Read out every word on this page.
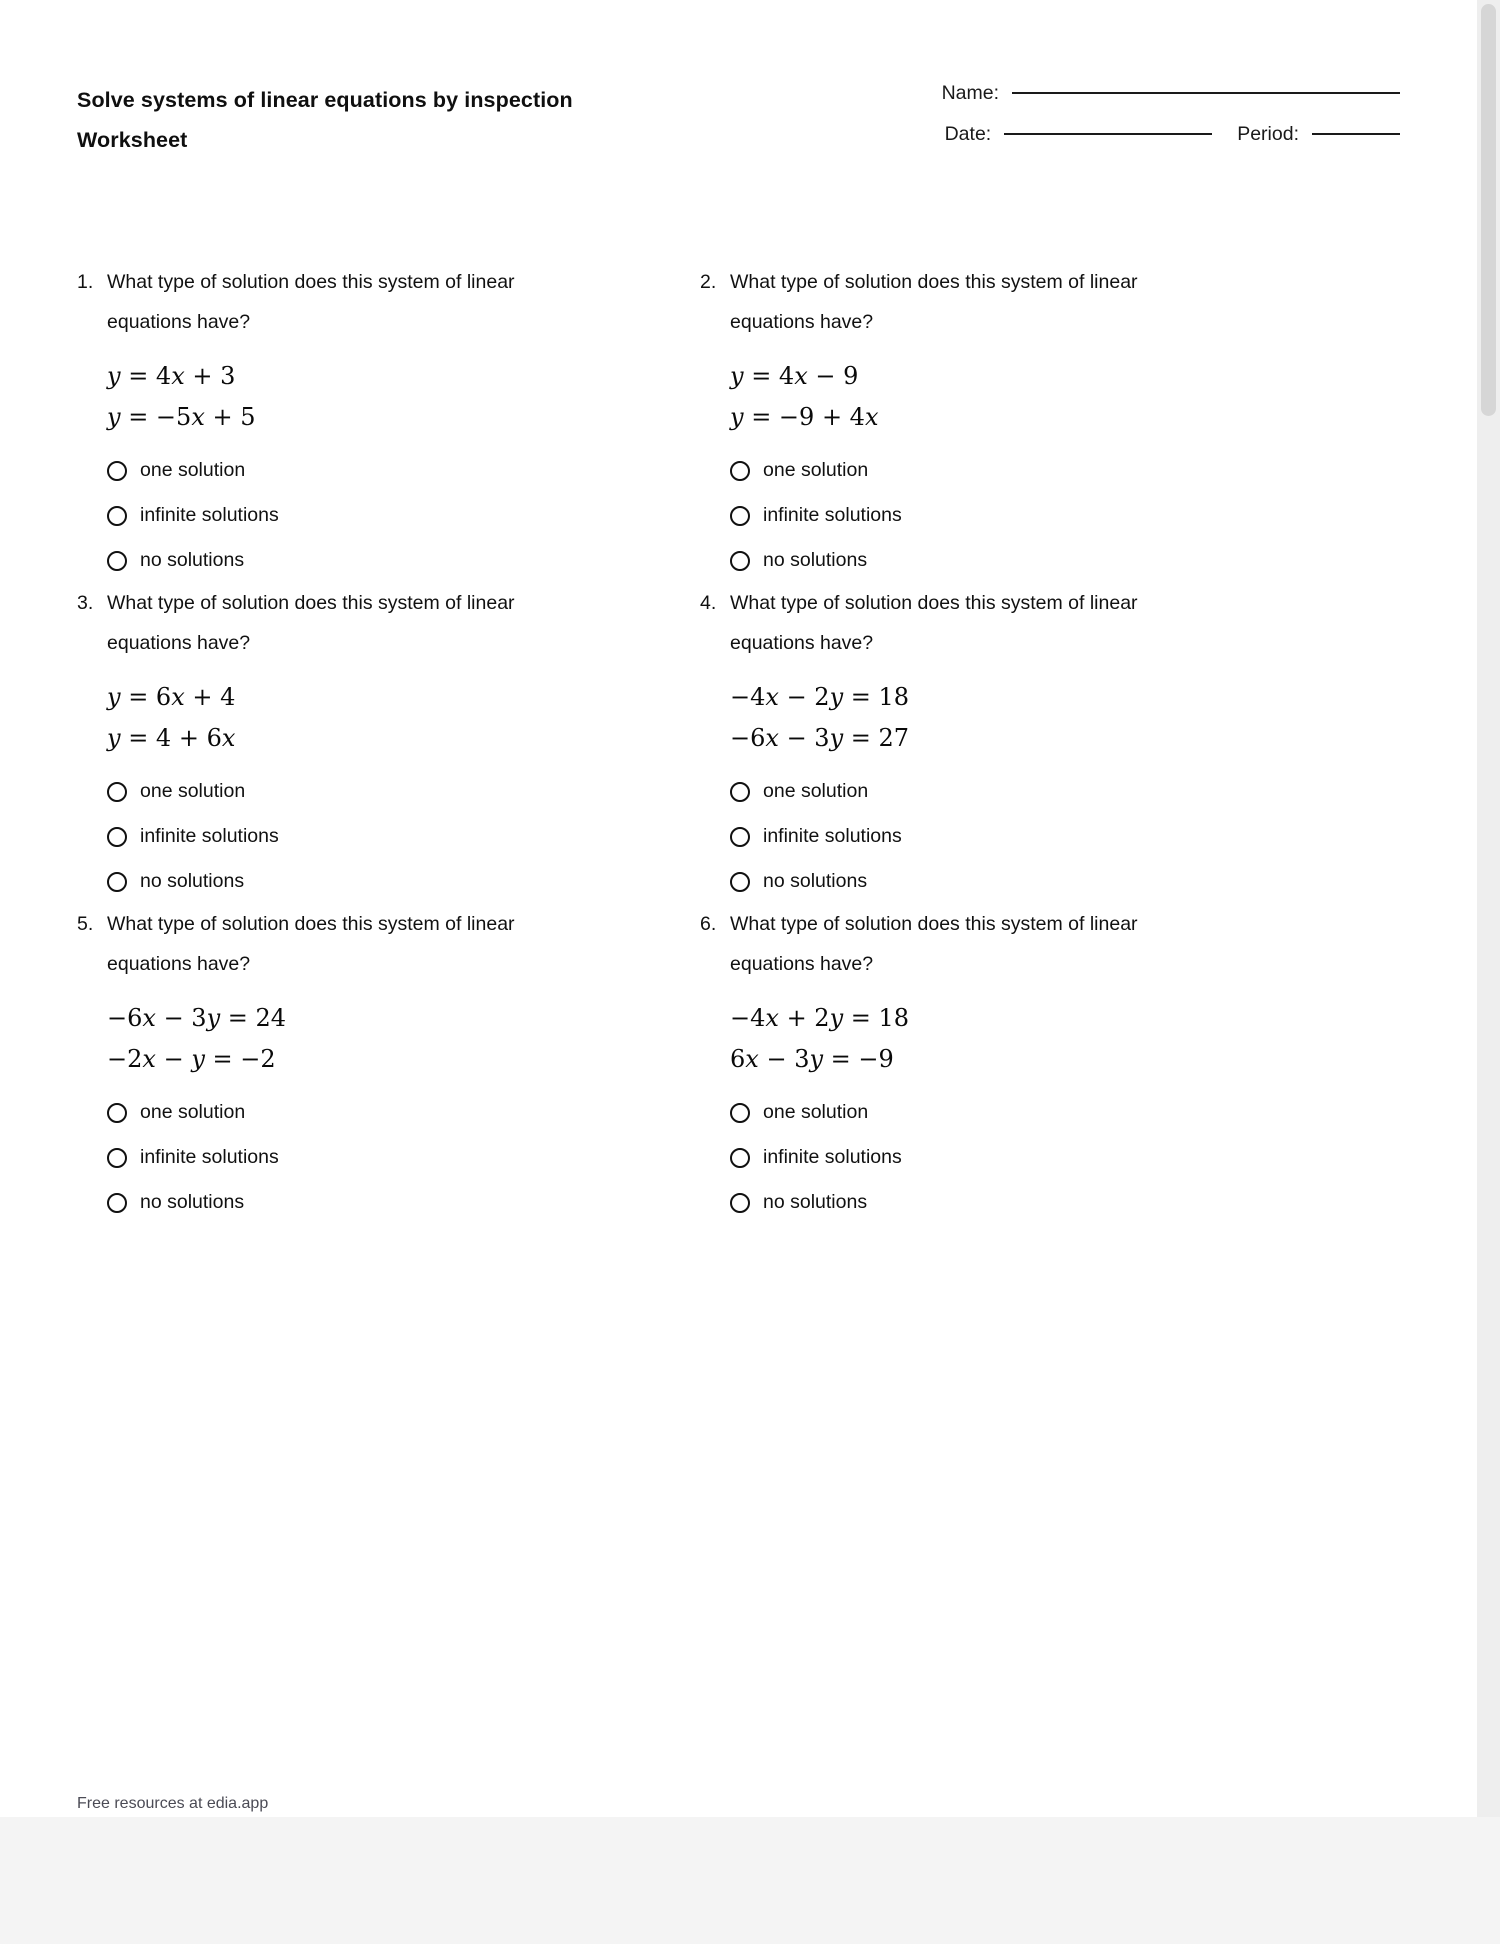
Solve systems of linear equations by inspection
Worksheet
Name:
Date:	Period:
1. What type of solution does this system of linear
equations have?
y = 4x + 3
y = −5x + 5
one solution
infinite solutions
no solutions
2. What type of solution does this system of linear
equations have?
y = 4x − 9
y = −9 + 4x
one solution
infinite solutions
no solutions
3. What type of solution does this system of linear
equations have?
y = 6x + 4
y = 4 + 6x
one solution
infinite solutions
no solutions
4. What type of solution does this system of linear
equations have?
−4x − 2y = 18
−6x − 3y = 27
one solution
infinite solutions
no solutions
5. What type of solution does this system of linear
equations have?
−6x − 3y = 24
−2x − y = −2
one solution
infinite solutions
no solutions
6. What type of solution does this system of linear
equations have?
−4x + 2y = 18
6x − 3y = −9
one solution
infinite solutions
no solutions
Free resources at edia.app
